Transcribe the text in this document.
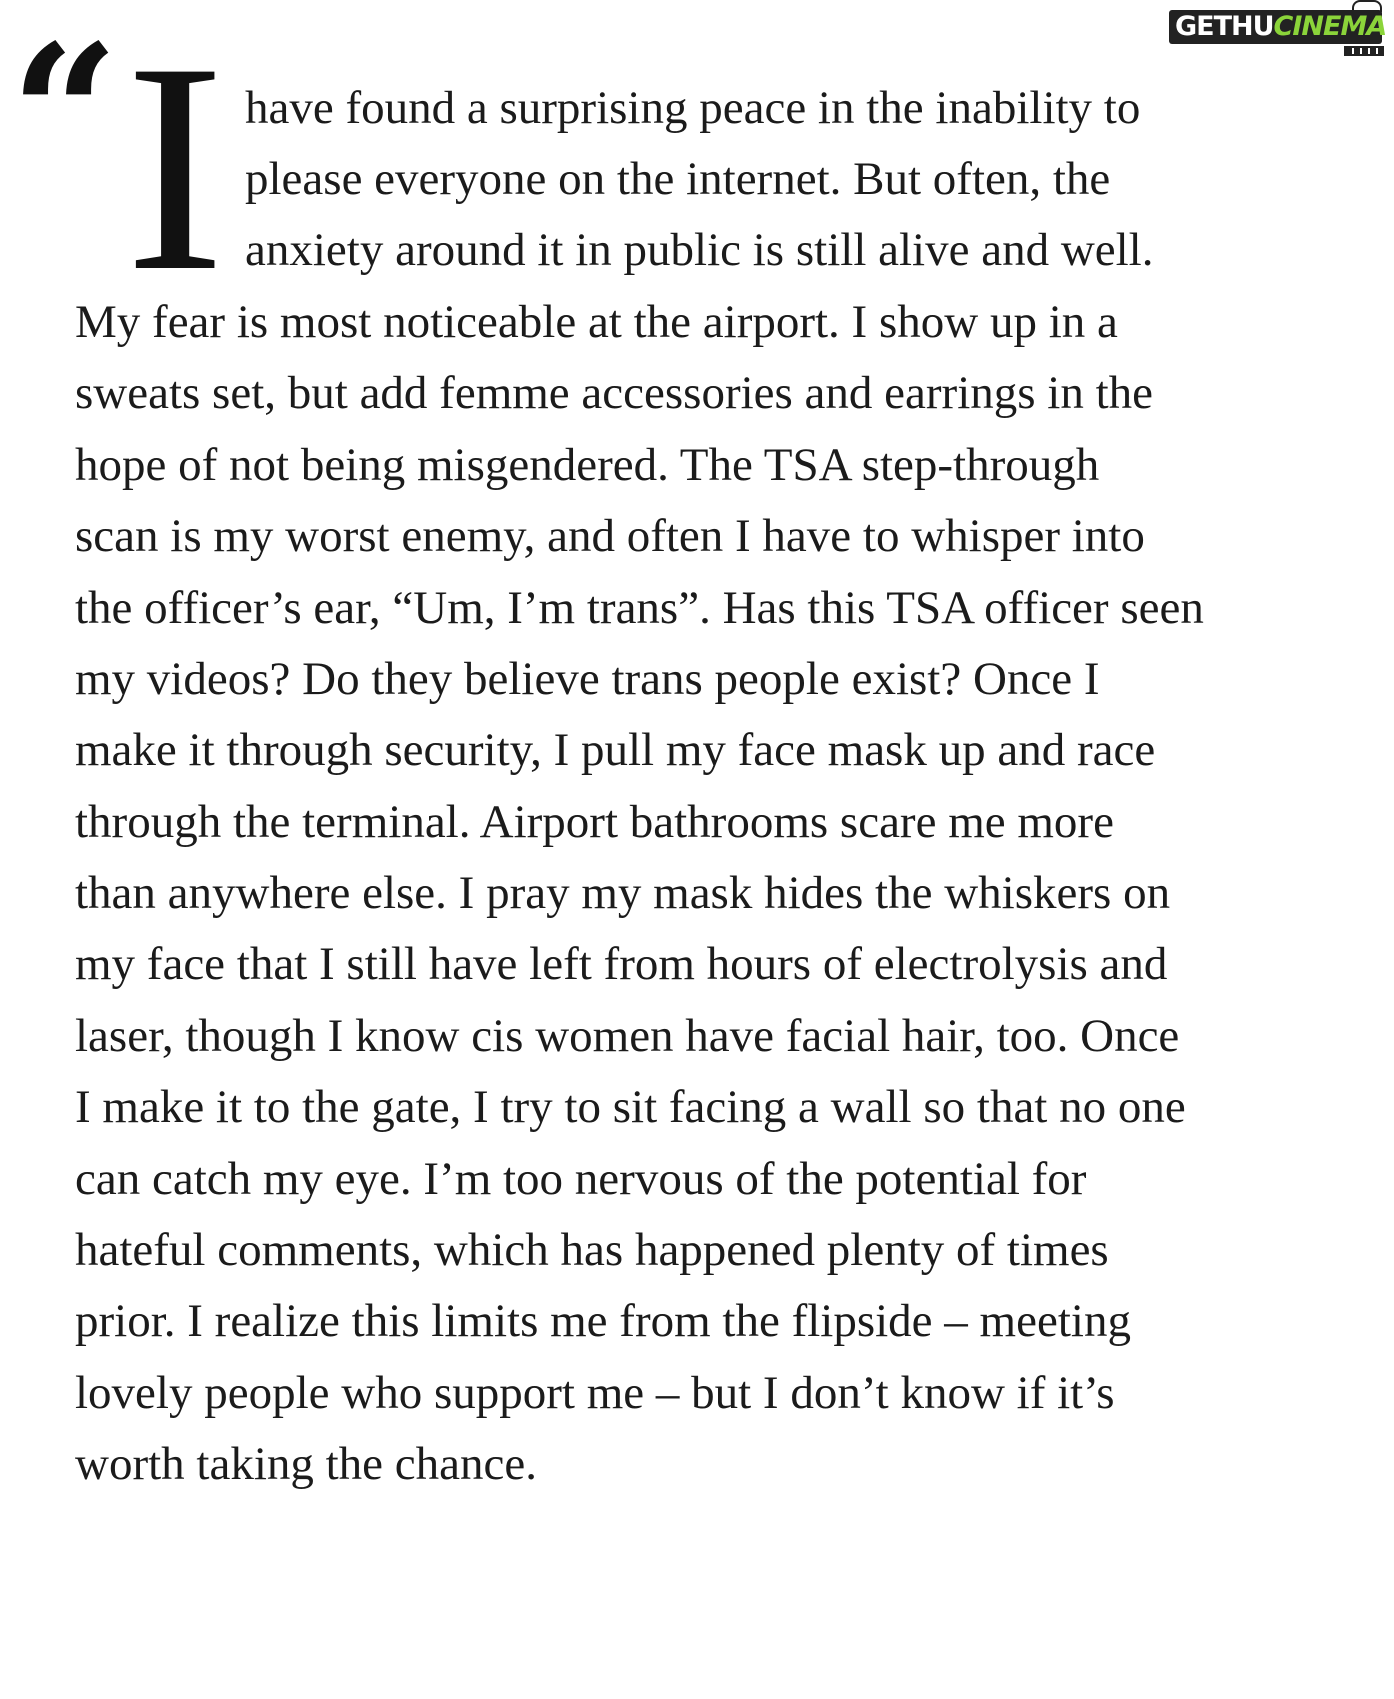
GETHUCINEMA
“ I have found a surprising peace in the inability to
please everyone on the internet. But often, the
anxiety around it in public is still alive and well.
My fear is most noticeable at the airport. I show up in a
sweats set, but add femme accessories and earrings in the
hope of not being misgendered. The TSA step-through
scan is my worst enemy, and often I have to whisper into
the officer’s ear, “Um, I’m trans”. Has this TSA officer seen
my videos? Do they believe trans people exist? Once I
make it through security, I pull my face mask up and race
through the terminal. Airport bathrooms scare me more
than anywhere else. I pray my mask hides the whiskers on
my face that I still have left from hours of electrolysis and
laser, though I know cis women have facial hair, too. Once
I make it to the gate, I try to sit facing a wall so that no one
can catch my eye. I’m too nervous of the potential for
hateful comments, which has happened plenty of times
prior. I realize this limits me from the flipside – meeting
lovely people who support me – but I don’t know if it’s
worth taking the chance.
